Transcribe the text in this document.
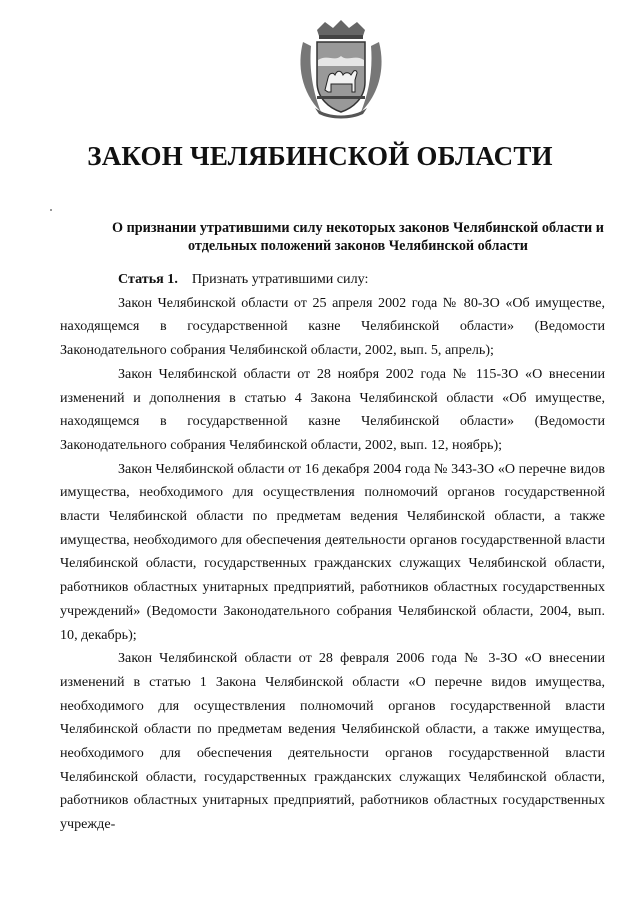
ЗАКОН ЧЕЛЯБИНСКОЙ ОБЛАСТИ
О признании утратившими силу некоторых законов Челябинской области и
отдельных положений законов Челябинской области

Статья 1. Признать утратившими силу:

Закон Челябинской области от 25 апреля 2002 года № 80-ЗО «Об имуществе, находящемся в государственной казне Челябинской области» (Ведомости Законодательного собрания Челябинской области, 2002, вып. 5, апрель);

Закон Челябинской области от 28 ноября 2002 года № 115-ЗО «О внесении изменений и дополнения в статью 4 Закона Челябинской области «Об имуществе, находящемся в государственной казне Челябинской области» (Ведомости Законодательного собрания Челябинской области, 2002, вып. 12, ноябрь);

Закон Челябинской области от 16 декабря 2004 года № 343-ЗО «О перечне видов имущества, необходимого для осуществления полномочий органов государственной власти Челябинской области по предметам ведения Челябинской области, а также имущества, необходимого для обеспечения деятельности органов государственной власти Челябинской области, государственных гражданских служащих Челябинской области, работников областных унитарных предприятий, работников областных государственных учреждений» (Ведомости Законодательного собрания Челябинской области, 2004, вып. 10, декабрь);

Закон Челябинской области от 28 февраля 2006 года № 3-ЗО «О внесении изменений в статью 1 Закона Челябинской области «О перечне видов имущества, необходимого для осуществления полномочий органов государственной власти Челябинской области по предметам ведения Челябинской области, а также имущества, необходимого для обеспечения деятельности органов государственной власти Челябинской области, государственных гражданских служащих Челябинской области, работников областных унитарных предприятий, работников областных государственных учрежде-
